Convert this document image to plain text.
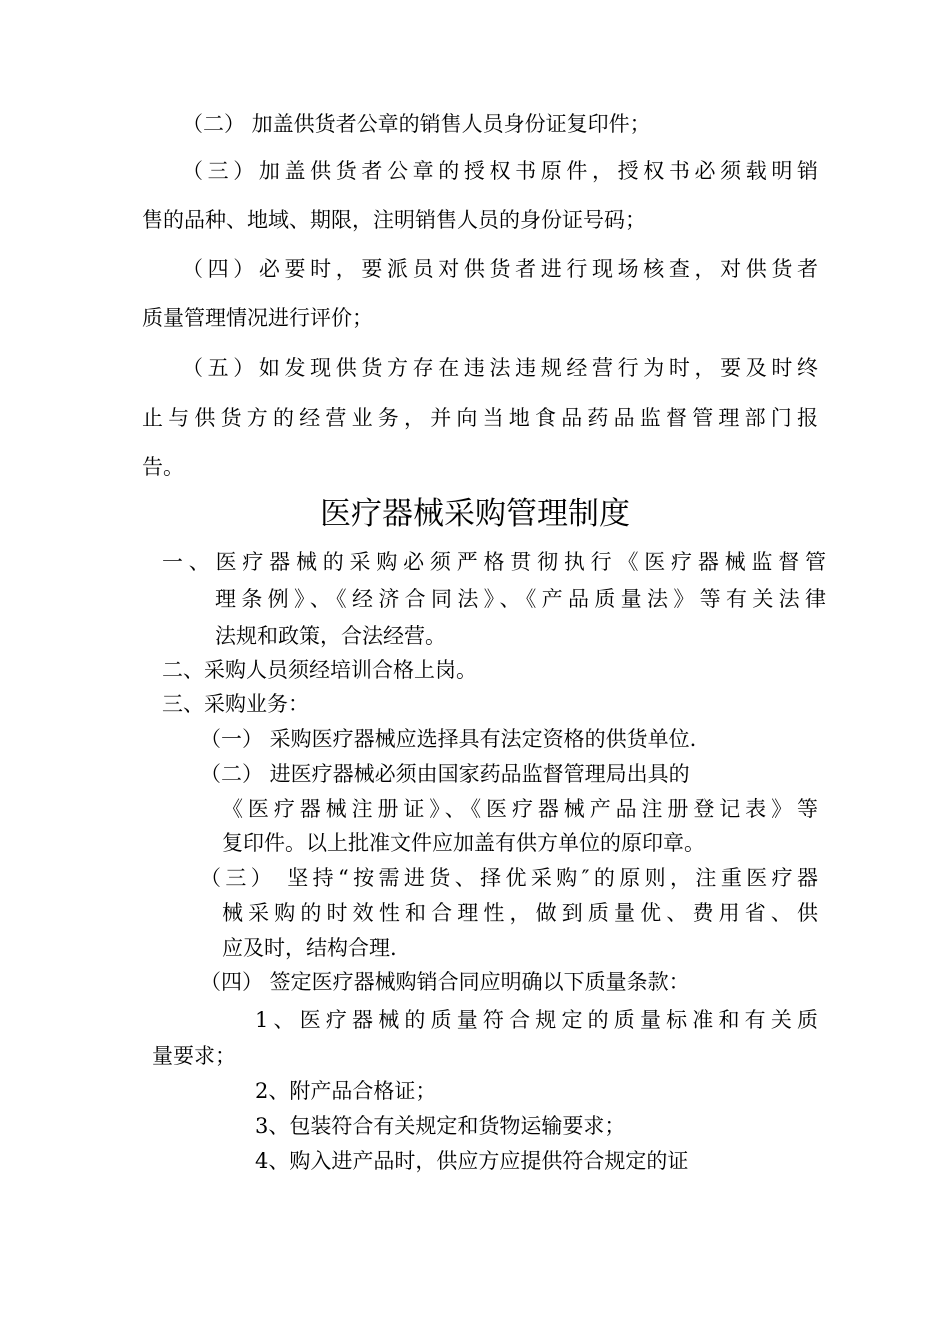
（二） 加盖供货者公章的销售人员身份证复印件；
（三）加盖供货者公章的授权书原件，授权书必须载明销
售的品种、地域、期限，注明销售人员的身份证号码；
（四）必要时，要派员对供货者进行现场核查，对供货者
质量管理情况进行评价；
（五）如发现供货方存在违法违规经营行为时，要及时终
止与供货方的经营业务，并向当地食品药品监督管理部门报
告。
医疗器械采购管理制度
一、医疗器械的采购必须严格贯彻执行《医疗器械监督管
理条例》、《经济合同法》、《产品质量法》等有关法律
法规和政策，合法经营。
二、采购人员须经培训合格上岗。
三、采购业务：
（一） 采购医疗器械应选择具有法定资格的供货单位.
（二） 进医疗器械必须由国家药品监督管理局出具的
《医疗器械注册证》、《医疗器械产品注册登记表》等
复印件。以上批准文件应加盖有供方单位的原印章。
（三） 坚持“按需进货、择优采购″的原则，注重医疗器
械采购的时效性和合理性，做到质量优、费用省、供
应及时，结构合理.
（四） 签定医疗器械购销合同应明确以下质量条款：
1、医疗器械的质量符合规定的质量标准和有关质
量要求；
2、附产品合格证；
3、包装符合有关规定和货物运输要求；
4、购入进产品时，供应方应提供符合规定的证
